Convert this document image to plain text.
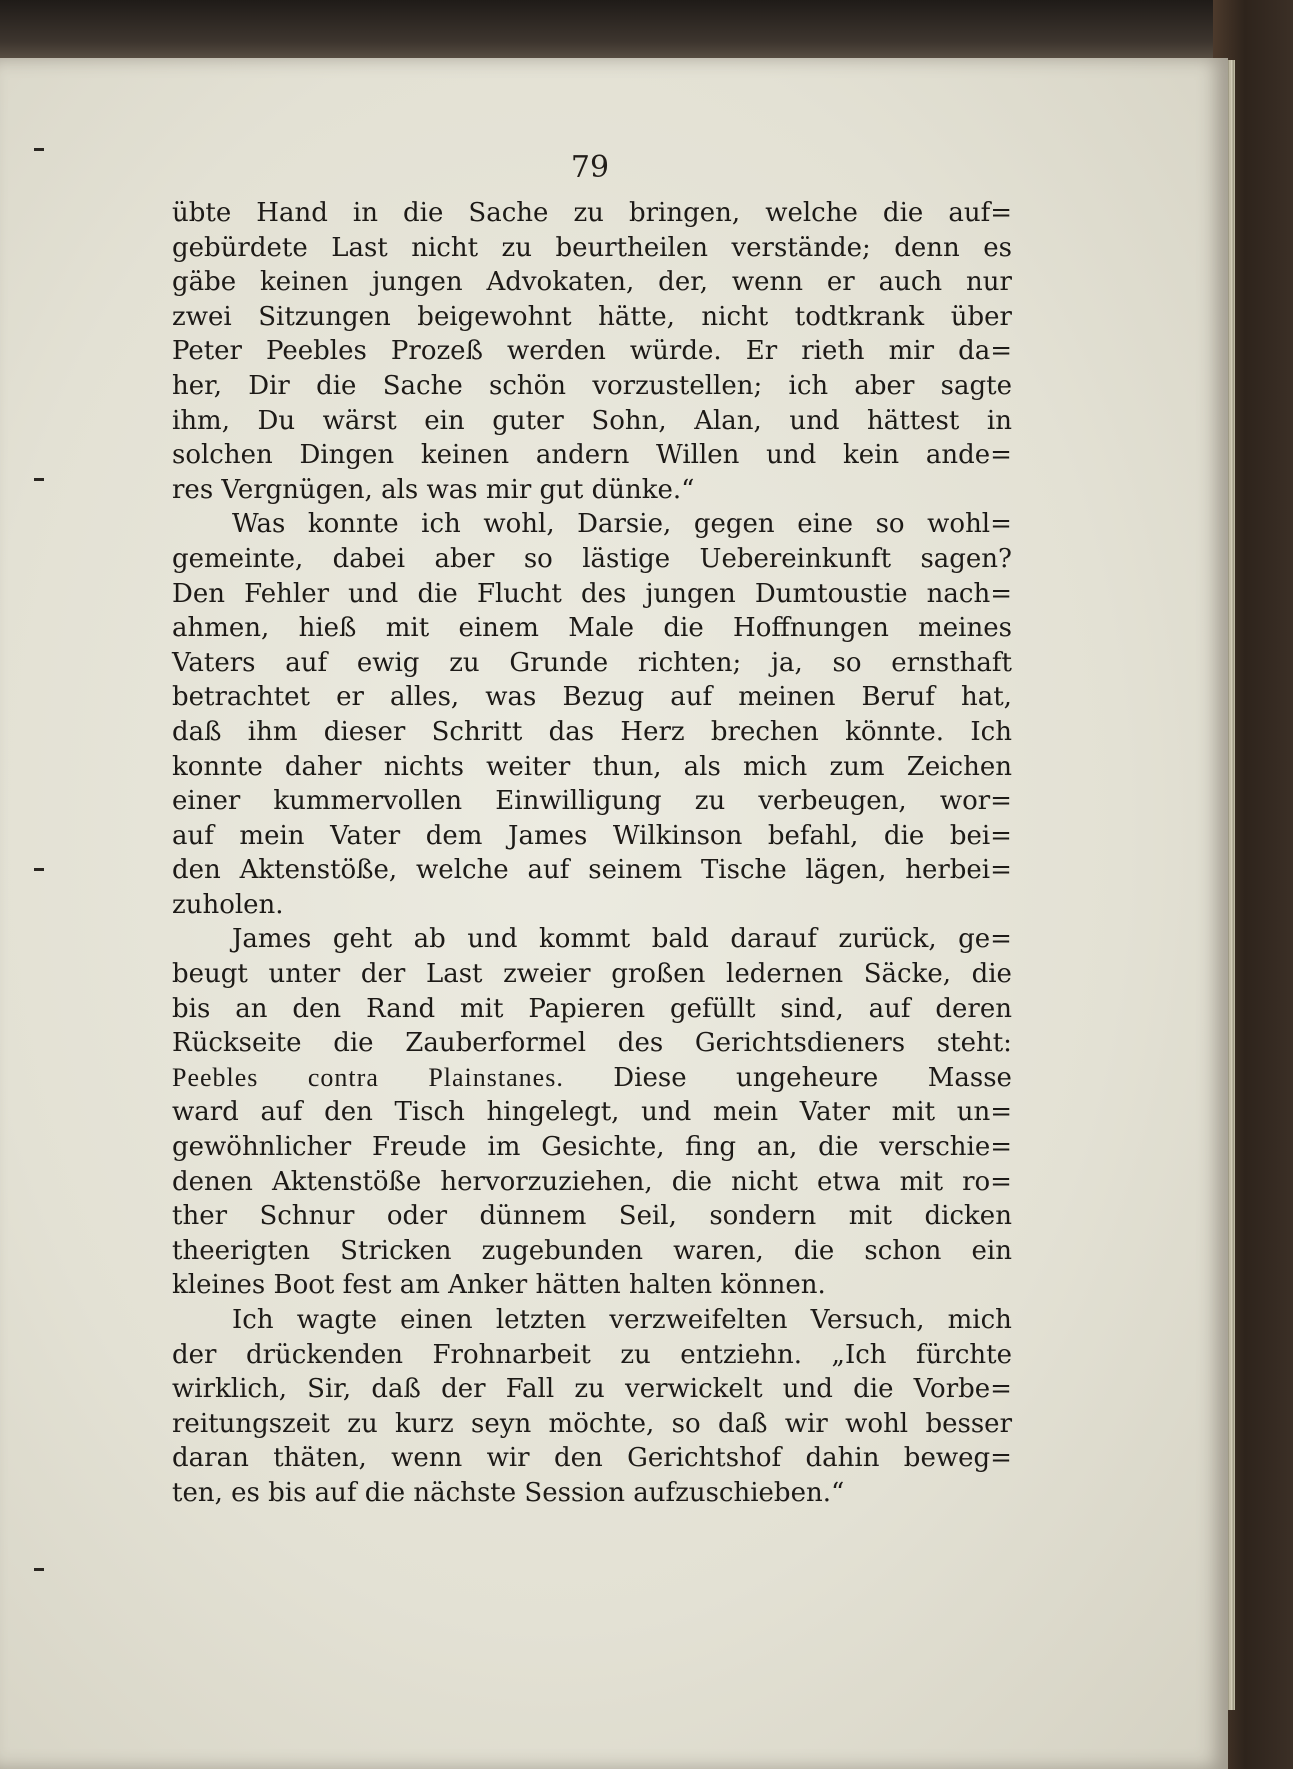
79
übte Hand in die Sache zu bringen, welche die auf=
gebürdete Last nicht zu beurtheilen verstände; denn es
gäbe keinen jungen Advokaten, der, wenn er auch nur
zwei Sitzungen beigewohnt hätte, nicht todtkrank über
Peter Peebles Prozeß werden würde. Er rieth mir da=
her, Dir die Sache schön vorzustellen; ich aber sagte
ihm, Du wärst ein guter Sohn, Alan, und hättest in
solchen Dingen keinen andern Willen und kein ande=
res Vergnügen, als was mir gut dünke.“
Was konnte ich wohl, Darsie, gegen eine so wohl=
gemeinte, dabei aber so lästige Uebereinkunft sagen?
Den Fehler und die Flucht des jungen Dumtoustie nach=
ahmen, hieß mit einem Male die Hoffnungen meines
Vaters auf ewig zu Grunde richten; ja, so ernsthaft
betrachtet er alles, was Bezug auf meinen Beruf hat,
daß ihm dieser Schritt das Herz brechen könnte. Ich
konnte daher nichts weiter thun, als mich zum Zeichen
einer kummervollen Einwilligung zu verbeugen, wor=
auf mein Vater dem James Wilkinson befahl, die bei=
den Aktenstöße, welche auf seinem Tische lägen, herbei=
zuholen.
James geht ab und kommt bald darauf zurück, ge=
beugt unter der Last zweier großen ledernen Säcke, die
bis an den Rand mit Papieren gefüllt sind, auf deren
Rückseite die Zauberformel des Gerichtsdieners steht:
Peebles contra Plainstanes. Diese ungeheure Masse
ward auf den Tisch hingelegt, und mein Vater mit un=
gewöhnlicher Freude im Gesichte, fing an, die verschie=
denen Aktenstöße hervorzuziehen, die nicht etwa mit ro=
ther Schnur oder dünnem Seil, sondern mit dicken
theerigten Stricken zugebunden waren, die schon ein
kleines Boot fest am Anker hätten halten können.
Ich wagte einen letzten verzweifelten Versuch, mich
der drückenden Frohnarbeit zu entziehn. „Ich fürchte
wirklich, Sir, daß der Fall zu verwickelt und die Vorbe=
reitungszeit zu kurz seyn möchte, so daß wir wohl besser
daran thäten, wenn wir den Gerichtshof dahin beweg=
ten, es bis auf die nächste Session aufzuschieben.“
